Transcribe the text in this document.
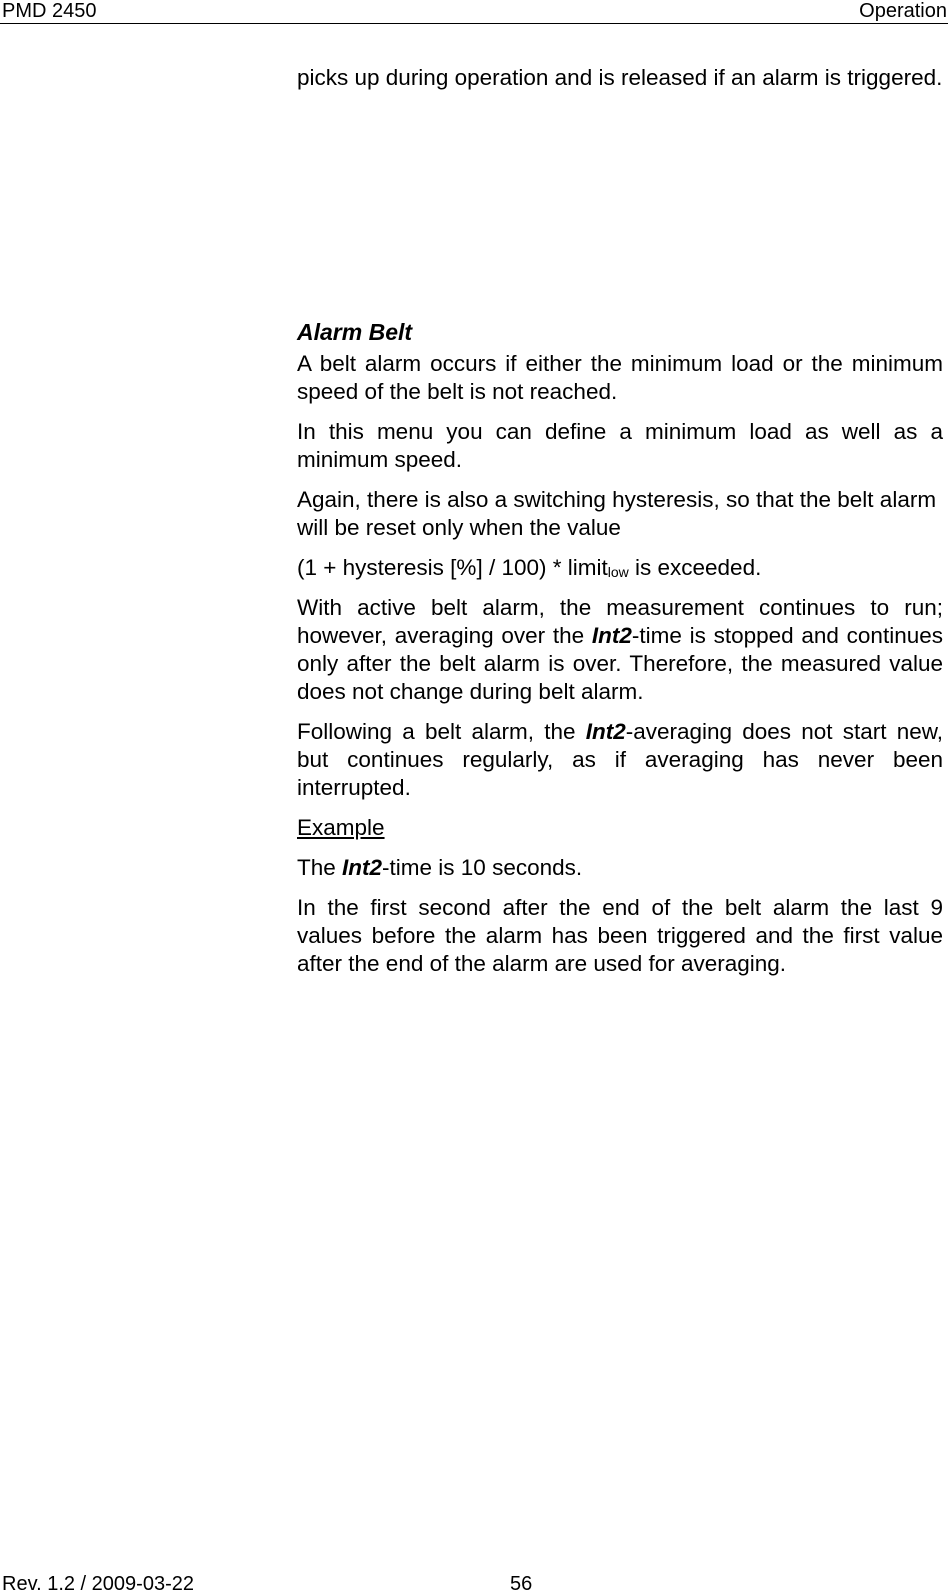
PMD 2450	Operation

picks up during operation and is released if an alarm is triggered.

Alarm Belt

A belt alarm occurs if either the minimum load or the minimum speed of the belt is not reached.

In this menu you can define a minimum load as well as a minimum speed.

Again, there is also a switching hysteresis, so that the belt alarm will be reset only when the value

(1 + hysteresis [%] / 100) * limit$_{low}$ is exceeded.

With active belt alarm, the measurement continues to run; however, averaging over the Int2-time is stopped and continues only after the belt alarm is over. Therefore, the measured value does not change during belt alarm.

Following a belt alarm, the Int2-averaging does not start new, but continues regularly, as if averaging has never been interrupted.

Example

The Int2-time is 10 seconds.

In the first second after the end of the belt alarm the last 9 values before the alarm has been triggered and the first value after the end of the alarm are used for averaging.

Rev. 1.2 / 2009-03-22	56
